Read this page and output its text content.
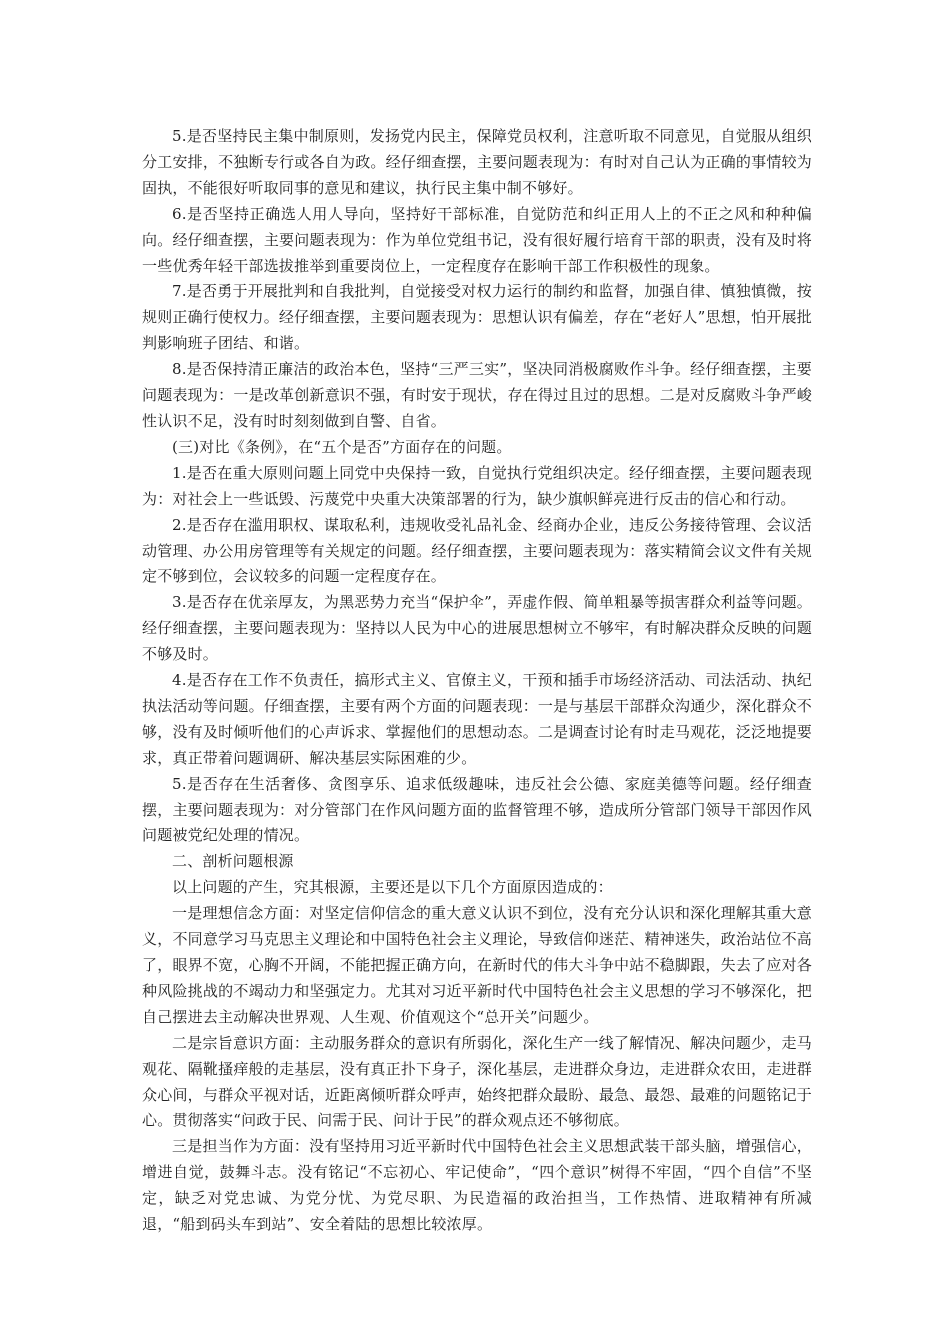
5.是否坚持民主集中制原则，发扬党内民主，保障党员权利，注意听取不同意见，自觉服从组织分工安排，不独断专行或各自为政。经仔细查摆，主要问题表现为：有时对自己认为正确的事情较为固执，不能很好听取同事的意见和建议，执行民主集中制不够好。

6.是否坚持正确选人用人导向，坚持好干部标准，自觉防范和纠正用人上的不正之风和种种偏向。经仔细查摆，主要问题表现为：作为单位党组书记，没有很好履行培育干部的职责，没有及时将一些优秀年轻干部选拔推举到重要岗位上，一定程度存在影响干部工作积极性的现象。

7.是否勇于开展批判和自我批判，自觉接受对权力运行的制约和监督，加强自律、慎独慎微，按规则正确行使权力。经仔细查摆，主要问题表现为：思想认识有偏差，存在“老好人”思想，怕开展批判影响班子团结、和谐。

8.是否保持清正廉洁的政治本色，坚持“三严三实”，坚决同消极腐败作斗争。经仔细查摆，主要问题表现为：一是改革创新意识不强，有时安于现状，存在得过且过的思想。二是对反腐败斗争严峻性认识不足，没有时时刻刻做到自警、自省。

(三)对比《条例》，在“五个是否”方面存在的问题。

1.是否在重大原则问题上同党中央保持一致，自觉执行党组织决定。经仔细查摆，主要问题表现为：对社会上一些诋毁、污蔑党中央重大决策部署的行为，缺少旗帜鲜亮进行反击的信心和行动。

2.是否存在滥用职权、谋取私利，违规收受礼品礼金、经商办企业，违反公务接待管理、会议活动管理、办公用房管理等有关规定的问题。经仔细查摆，主要问题表现为：落实精简会议文件有关规定不够到位，会议较多的问题一定程度存在。

3.是否存在优亲厚友，为黑恶势力充当“保护伞”，弄虚作假、简单粗暴等损害群众利益等问题。经仔细查摆，主要问题表现为：坚持以人民为中心的进展思想树立不够牢，有时解决群众反映的问题不够及时。

4.是否存在工作不负责任，搞形式主义、官僚主义，干预和插手市场经济活动、司法活动、执纪执法活动等问题。仔细查摆，主要有两个方面的问题表现：一是与基层干部群众沟通少，深化群众不够，没有及时倾听他们的心声诉求、掌握他们的思想动态。二是调查讨论有时走马观花，泛泛地提要求，真正带着问题调研、解决基层实际困难的少。

5.是否存在生活奢侈、贪图享乐、追求低级趣味，违反社会公德、家庭美德等问题。经仔细查摆，主要问题表现为：对分管部门在作风问题方面的监督管理不够，造成所分管部门领导干部因作风问题被党纪处理的情况。

二、剖析问题根源

以上问题的产生，究其根源，主要还是以下几个方面原因造成的：

一是理想信念方面：对坚定信仰信念的重大意义认识不到位，没有充分认识和深化理解其重大意义，不同意学习马克思主义理论和中国特色社会主义理论，导致信仰迷茫、精神迷失，政治站位不高了，眼界不宽，心胸不开阔，不能把握正确方向，在新时代的伟大斗争中站不稳脚跟，失去了应对各种风险挑战的不竭动力和坚强定力。尤其对习近平新时代中国特色社会主义思想的学习不够深化，把自己摆进去主动解决世界观、人生观、价值观这个“总开关”问题少。

二是宗旨意识方面：主动服务群众的意识有所弱化，深化生产一线了解情况、解决问题少，走马观花、隔靴搔痒般的走基层，没有真正扑下身子，深化基层，走进群众身边，走进群众农田，走进群众心间，与群众平视对话，近距离倾听群众呼声，始终把群众最盼、最急、最怨、最难的问题铭记于心。贯彻落实“问政于民、问需于民、问计于民”的群众观点还不够彻底。

三是担当作为方面：没有坚持用习近平新时代中国特色社会主义思想武装干部头脑，增强信心，增进自觉，鼓舞斗志。没有铭记“不忘初心、牢记使命”，“四个意识”树得不牢固，“四个自信”不坚定，缺乏对党忠诚、为党分忧、为党尽职、为民造福的政治担当，工作热情、进取精神有所减退，“船到码头车到站”、安全着陆的思想比较浓厚。
